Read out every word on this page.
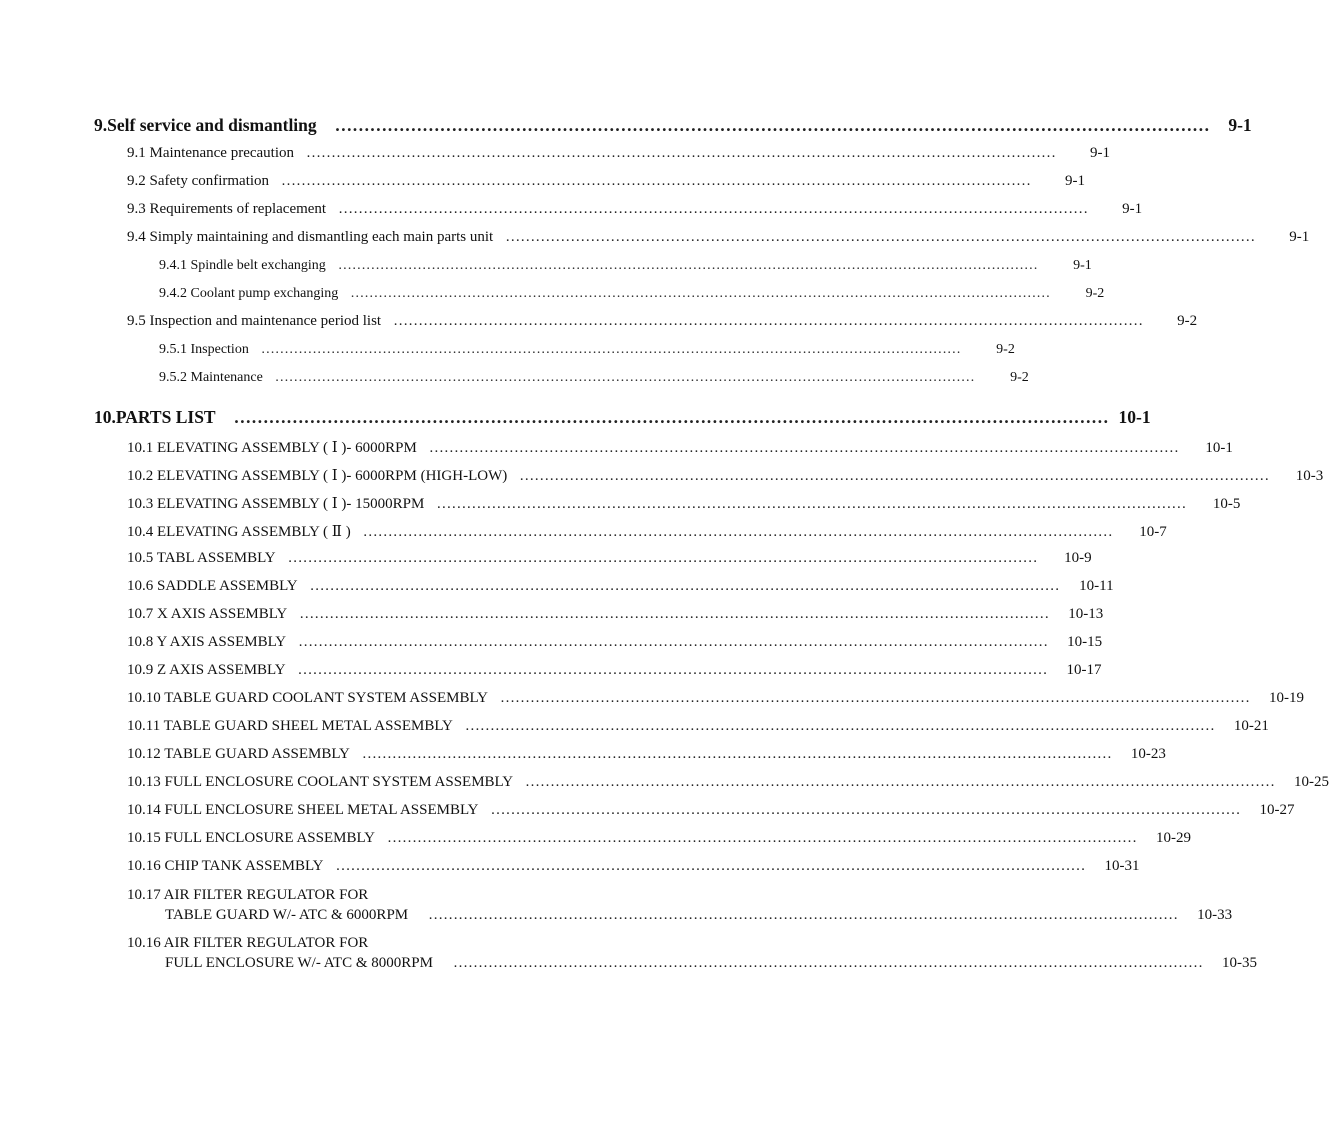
9. Self service and dismantling ……………………………………………………………………………………………………………………………………	9-1
9.1 Maintenance precaution ……………………………………………………………………………………………………………………………………	9-1
9.2 Safety confirmation ……………………………………………………………………………………………………………………………………	9-1
9.3 Requirements of replacement ……………………………………………………………………………………………………………………………………	9-1
9.4 Simply maintaining and dismantling each main parts unit ……………………………………………………………………………………………………………………………………	9-1
9.4.1 Spindle belt exchanging ……………………………………………………………………………………………………………………………………	9-1
9.4.2 Coolant pump exchanging ……………………………………………………………………………………………………………………………………	9-2
9.5 Inspection and maintenance period list ……………………………………………………………………………………………………………………………………	9-2
9.5.1 Inspection ……………………………………………………………………………………………………………………………………	9-2
9.5.2 Maintenance ……………………………………………………………………………………………………………………………………	9-2
10. PARTS LIST …………………………………………………………………………………………………………………………………… 10-1
10.1 ELEVATING ASSEMBLY ( Ⅰ )- 6000RPM ……………………………………………………………………………………………………………………………………	10-1
10.2 ELEVATING ASSEMBLY ( Ⅰ )- 6000RPM (HIGH-LOW) ……………………………………………………………………………………………………………………………………	10-3
10.3 ELEVATING ASSEMBLY ( Ⅰ )- 15000RPM ……………………………………………………………………………………………………………………………………	10-5
10.4 ELEVATING ASSEMBLY ( Ⅱ ) ……………………………………………………………………………………………………………………………………	10-7
10.5 TABL ASSEMBLY ……………………………………………………………………………………………………………………………………	10-9
10.6 SADDLE ASSEMBLY ……………………………………………………………………………………………………………………………………	10-11
10.7 X AXIS ASSEMBLY ……………………………………………………………………………………………………………………………………	10-13
10.8 Y AXIS ASSEMBLY ……………………………………………………………………………………………………………………………………	10-15
10.9 Z AXIS ASSEMBLY ……………………………………………………………………………………………………………………………………	10-17
10.10 TABLE GUARD COOLANT SYSTEM ASSEMBLY ……………………………………………………………………………………………………………………………………	10-19
10.11 TABLE GUARD SHEEL METAL ASSEMBLY ……………………………………………………………………………………………………………………………………	10-21
10.12 TABLE GUARD ASSEMBLY ……………………………………………………………………………………………………………………………………	10-23
10.13 FULL ENCLOSURE COOLANT SYSTEM ASSEMBLY ……………………………………………………………………………………………………………………………………	10-25
10.14 FULL ENCLOSURE SHEEL METAL ASSEMBLY ……………………………………………………………………………………………………………………………………	10-27
10.15 FULL ENCLOSURE ASSEMBLY ……………………………………………………………………………………………………………………………………	10-29
10.16 CHIP TANK ASSEMBLY ……………………………………………………………………………………………………………………………………	10-31
10.17 AIR FILTER REGULATOR FOR
TABLE GUARD W/- ATC & 6000RPM ……………………………………………………………………………………………………………………………………	10-33
10.16 AIR FILTER REGULATOR FOR
FULL ENCLOSURE W/- ATC & 8000RPM ……………………………………………………………………………………………………………………………………	10-35
